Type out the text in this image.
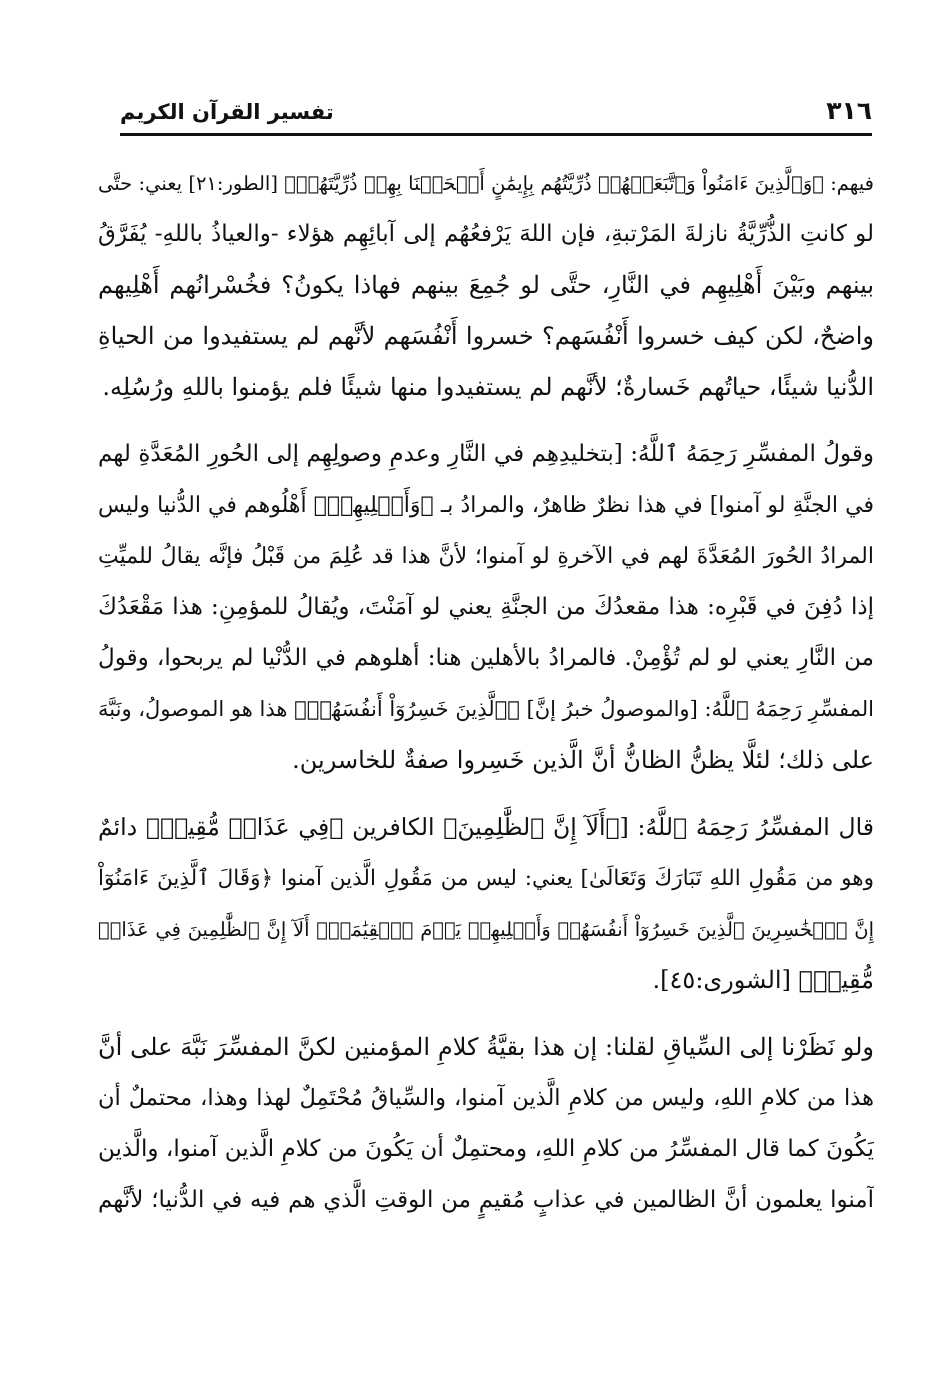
٣١٦
تفسير القرآن الكريم
فيهم: ﴿وَٱلَّذِينَ ءَامَنُواْ وَٱتَّبَعَتۡهُمۡ ذُرِّيَّتُهُم بِإِيمَٰنٍ أَلۡحَقۡنَا بِهِمۡ ذُرِّيَّتَهُمۡ﴾ [الطور:٢١] يعني: حتَّى
لو كانتِ الذُّرِّيَّةُ نازلةَ المَرْتبةِ، فإن اللهَ يَرْفعُهُم إلى آبائِهِم هؤلاء -والعياذُ باللهِ- يُفَرَّقُ
بينهم وبَيْنَ أَهْلِيهِم في النَّارِ، حتَّى لو جُمِعَ بينهم فهاذا يكونُ؟ فخُسْرانُهم أَهْلِيهم
واضحٌ، لكن كيف خسروا أَنْفُسَهم؟ خسروا أَنْفُسَهم لأنَّهم لم يستفيدوا من الحياةِ
الدُّنيا شيئًا، حياتُهم خَسارةٌ؛ لأنَّهم لم يستفيدوا منها شيئًا فلم يؤمنوا باللهِ ورُسُلِه.
وقولُ المفسِّرِ رَحِمَهُ ٱللَّهُ: [بتخليدِهِم في النَّارِ وعدمِ وصولِهِم إلى الحُورِ المُعَدَّةِ لهم
في الجنَّةِ لو آمنوا] في هذا نظرٌ ظاهرٌ، والمرادُ بـ ﴿وَأَهۡلِيهِمۡ﴾ أَهْلُوهم في الدُّنيا وليس
المرادُ الحُورَ المُعَدَّةَ لهم في الآخرةِ لو آمنوا؛ لأنَّ هذا قد عُلِمَ من قَبْلُ فإنَّه يقالُ للميِّتِ
إذا دُفِنَ في قَبْرِه: هذا مقعدُكَ من الجنَّةِ يعني لو آمَنْتَ، ويُقالُ للمؤمِنِ: هذا مَقْعَدُكَ
من النَّارِ يعني لو لم تُؤْمِنْ. فالمرادُ بالأهلين هنا: أهلوهم في الدُّنْيا لم يربحوا، وقولُ
المفسِّرِ رَحِمَهُ ٱللَّهُ: [والموصولُ خبرُ إنَّ] ﴿ٱلَّذِينَ خَسِرُوٓاْ أَنفُسَهُمۡ﴾ هذا هو الموصولُ، ونَبَّهَ
على ذلك؛ لئلَّا يظنُّ الظانُّ أنَّ الَّذين خَسِروا صفةٌ للخاسرين.
قال المفسِّرُ رَحِمَهُ ٱللَّهُ: [﴿أَلَآ إِنَّ ٱلظَّٰلِمِينَ﴾ الكافرين ﴿فِي عَذَابٖ مُّقِيمٖ﴾ دائمٌ
وهو من مَقُولِ اللهِ تَبَارَكَ وَتَعَالَىٰ] يعني: ليس من مَقُولِ الَّذين آمنوا ﴿وَقَالَ ٱلَّذِينَ ءَامَنُوٓاْ
إِنَّ ٱلۡخَٰسِرِينَ ٱلَّذِينَ خَسِرُوٓاْ أَنفُسَهُمۡ وَأَهۡلِيهِمۡ يَوۡمَ ٱلۡقِيَٰمَةِۗ أَلَآ إِنَّ ٱلظَّٰلِمِينَ فِي عَذَابٖ
مُّقِيمٖ﴾ [الشورى:٤٥].
ولو نَظَرْنا إلى السِّياقِ لقلنا: إن هذا بقيَّةُ كلامِ المؤمنين لكنَّ المفسِّرَ نَبَّهَ على أنَّ
هذا من كلامِ اللهِ، وليس من كلامِ الَّذين آمنوا، والسِّياقُ مُحْتَمِلٌ لهذا وهذا، محتملٌ أن
يَكُونَ كما قال المفسِّرُ من كلامِ اللهِ، ومحتمِلٌ أن يَكُونَ من كلامِ الَّذين آمنوا، والَّذين
آمنوا يعلمون أنَّ الظالمين في عذابٍ مُقيمٍ من الوقتِ الَّذي هم فيه في الدُّنيا؛ لأنَّهم
